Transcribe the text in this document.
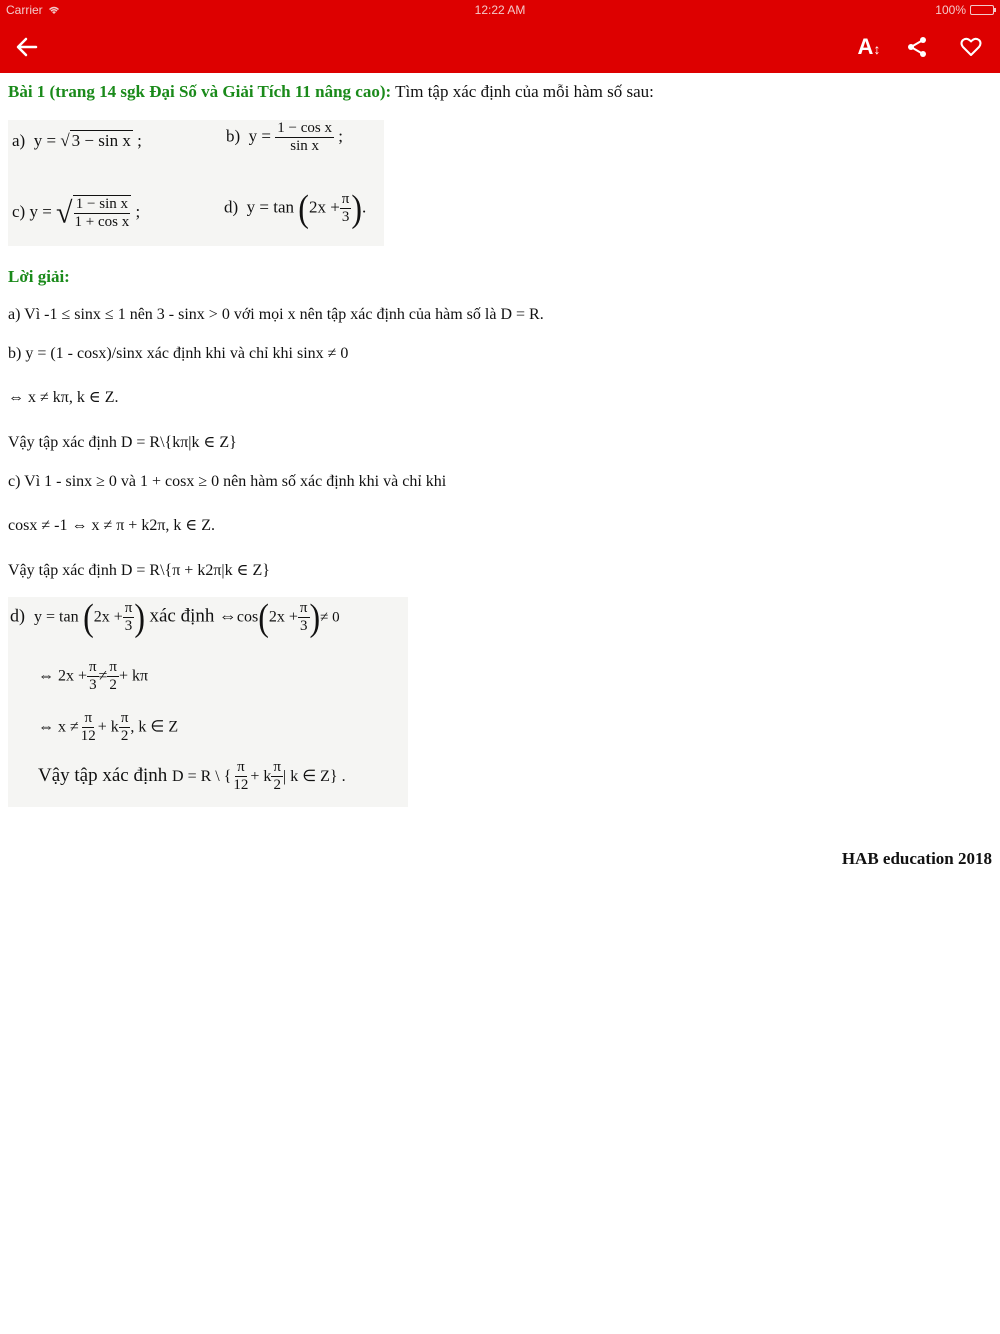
Carrier	12:22 AM	100%
A↕
Bài 1 (trang 14 sgk Đại Số và Giải Tích 11 nâng cao): Tìm tập xác định của mỗi hàm số sau:
a) y = √ 3 − sin x ;	b) $y = \frac{\text{1 − cos x}}{\text{sin x}}$ ;
c) y = √ $\frac{\text{1 − sin x}}{\text{1 + cos x}}$ ;	d) $y = \tan (2x + \frac{\pi}{3}$ ).
Lời giải:
a) Vì -1 ≤ sinx ≤ 1 nên 3 - sinx > 0 với mọi x nên tập xác định của hàm số là D = R.
b) y = (1 - cosx)/sinx xác định khi và chỉ khi sinx ≠ 0
⇔ x ≠ kπ, k ∈ Z.
Vậy tập xác định D = R\{kπ|k ∈ Z}
c) Vì 1 - sinx ≥ 0 và 1 + cosx ≥ 0 nên hàm số xác định khi và chỉ khi
cosx ≠ -1 ⇔ x ≠ π + k2π, k ∈ Z.
Vậy tập xác định D = R\{π + k2π|k ∈ Z}
d) $y = \tan (2x + \frac{\pi}{3}$ ) xác định ⇔cos(2x + $\frac{\pi}{3}$ )≠ 0
⇔ $2x + \frac{\pi}{3} \ne \frac{\pi}{2} + k\pi$
⇔ $x \ne \frac{\pi}{12} + k \frac{\pi}{2}$ , k ∈ Z
Vậy tập xác định D = R \ { $\frac{\pi}{12} + k \frac{\pi}{2}$ | k ∈ Z} .
HAB education 2018
